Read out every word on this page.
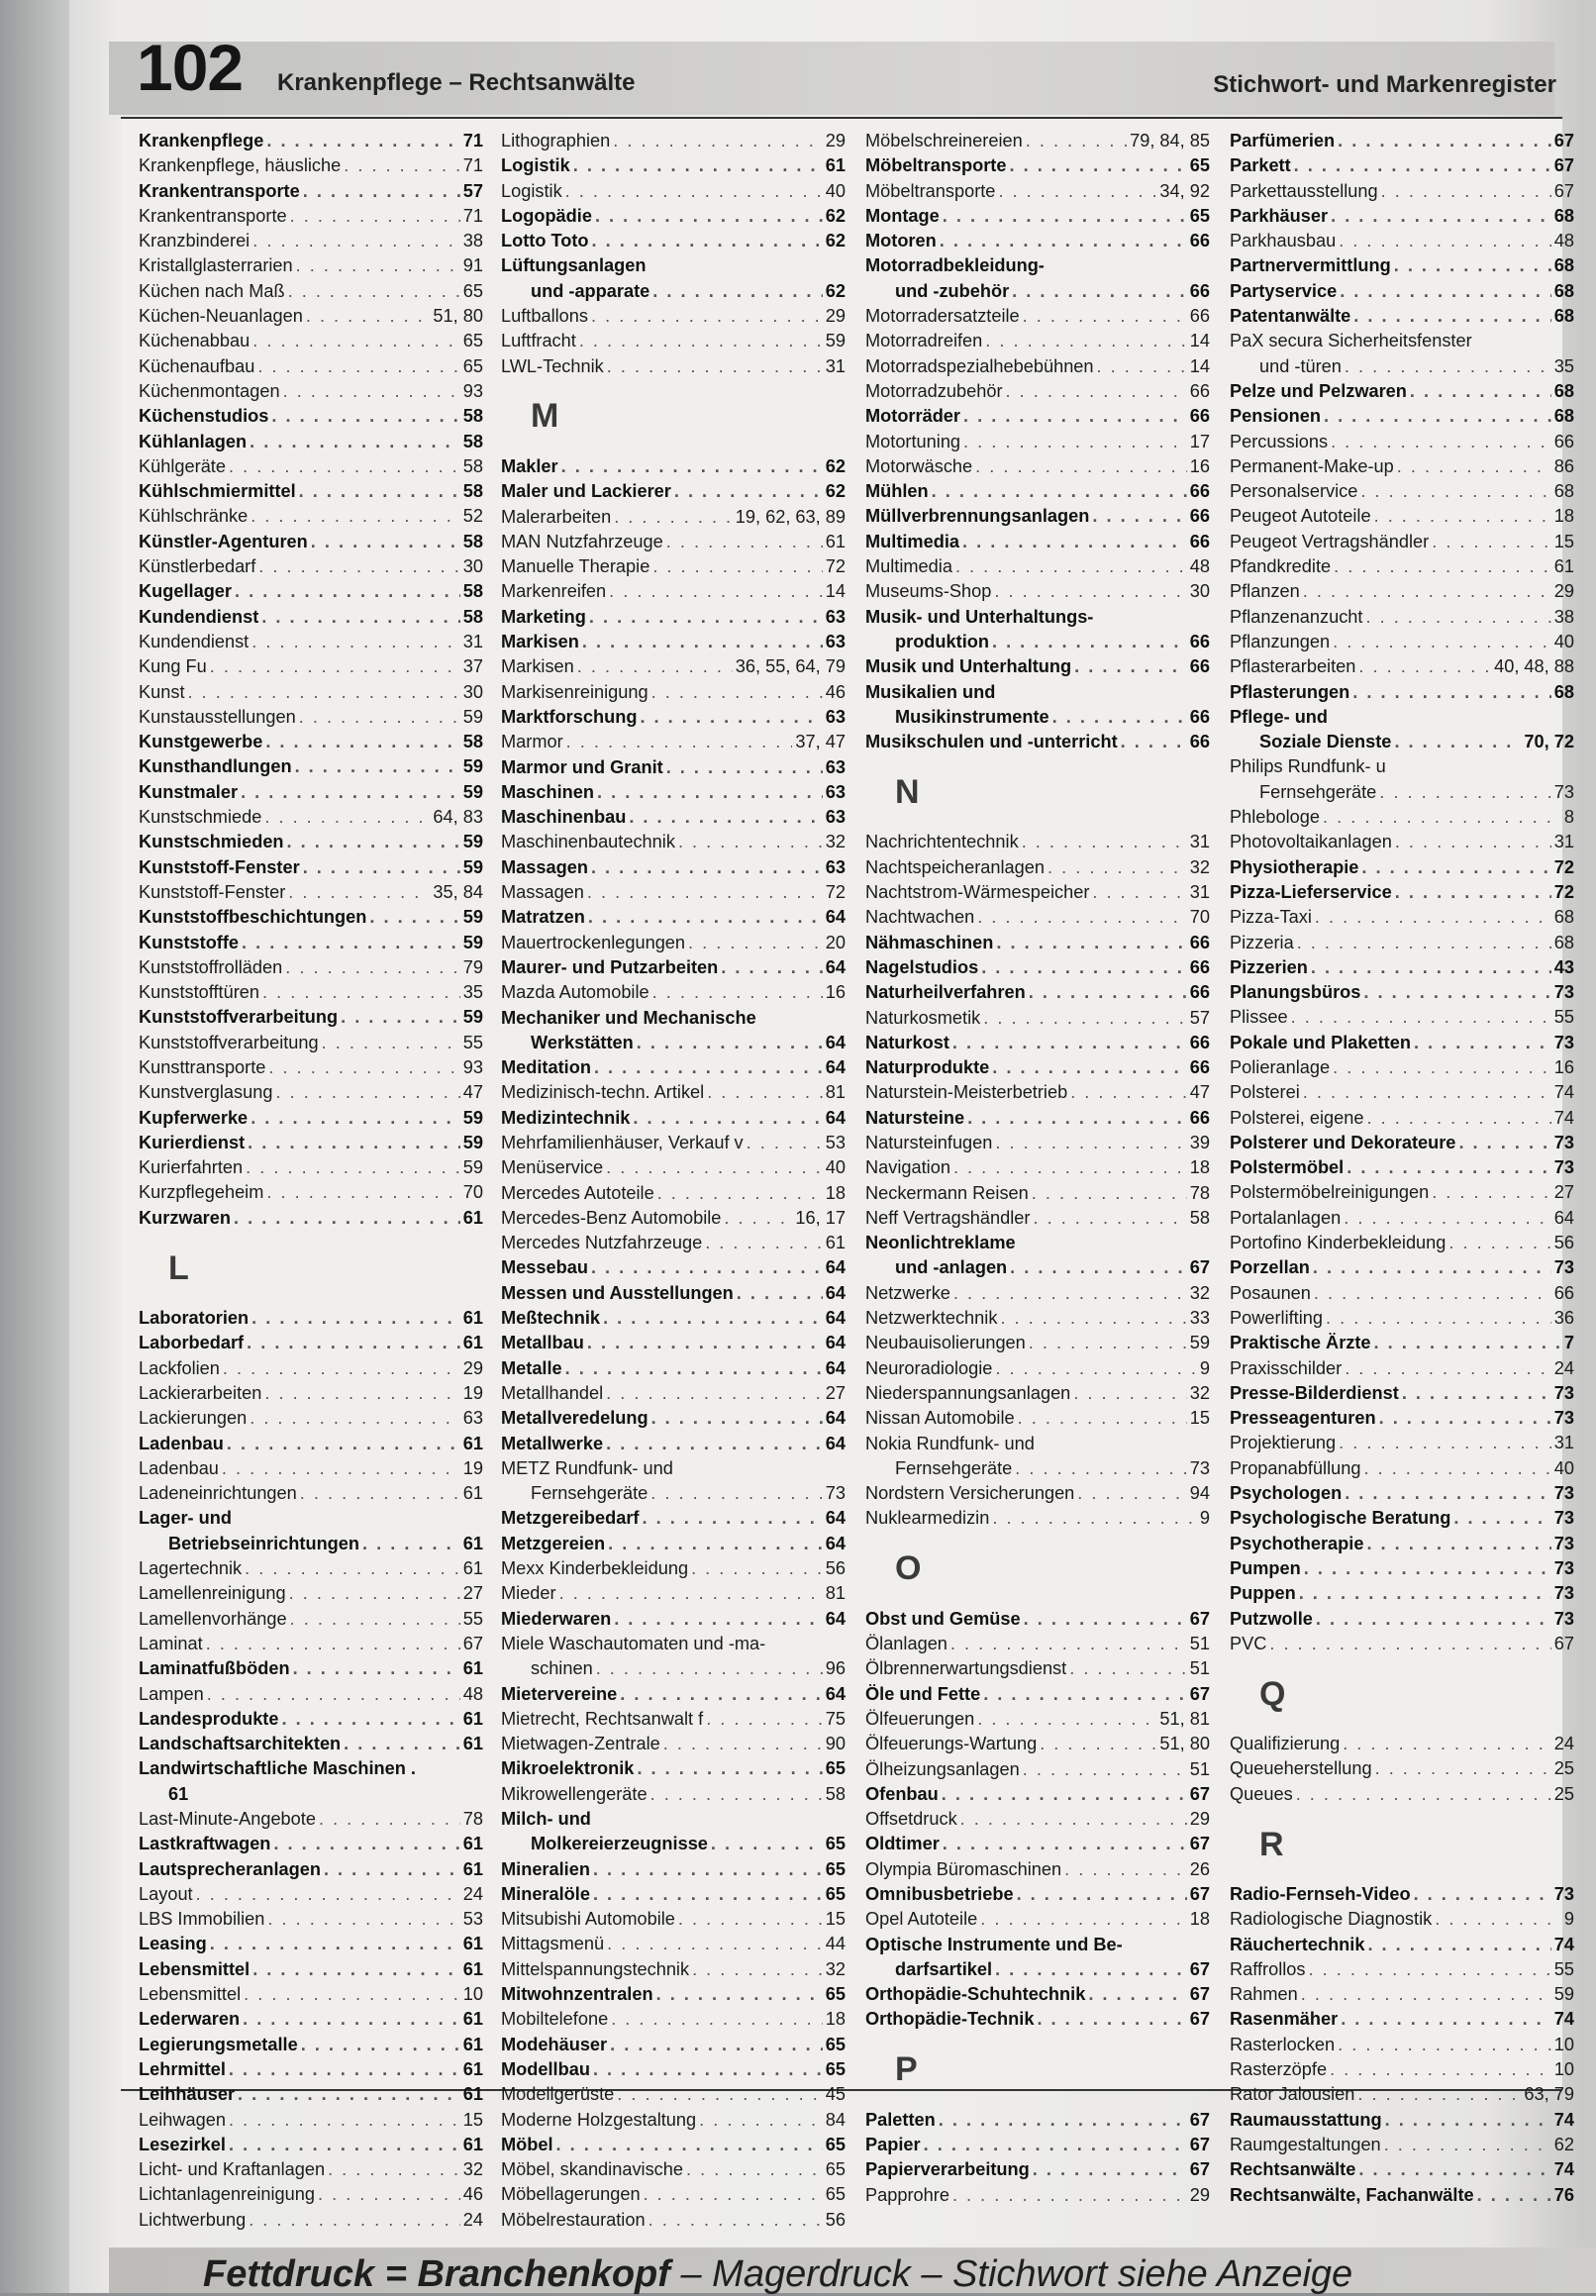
102 Krankenpflege – Rechtsanwälte	Stichwort- und Markenregister
Krankenpflege . . .	71
Krankenpflege, häusliche . . .	71
Krankentransporte . . .	57
Krankentransporte . . .	71
Kranzbinderei . . .	38
Kristallglasterrarien . . .	91
Küchen nach Maß . . .	65
Küchen-Neuanlagen . . .	51, 80
Küchenabbau . . .	65
Küchenaufbau . . .	65
Küchenmontagen . . .	93
Küchenstudios . . .	58
Kühlanlagen . . .	58
Kühlgeräte . . .	58
Kühlschmiermittel . . .	58
Kühlschränke . . .	52
Künstler-Agenturen . . .	58
Künstlerbedarf . . .	30
Kugellager . . .	58
Kundendienst . . .	58
Kundendienst . . .	31
Kung Fu . . .	37
Kunst . . .	30
Kunstausstellungen . . .	59
Kunstgewerbe . . .	58
Kunsthandlungen . . .	59
Kunstmaler . . .	59
Kunstschmiede . . .	64, 83
Kunstschmieden . . .	59
Kunststoff-Fenster . . .	59
Kunststoff-Fenster . . .	35, 84
Kunststoffbeschichtungen . . .	59
Kunststoffe . . .	59
Kunststoffrolläden . . .	79
Kunststofftüren . . .	35
Kunststoffverarbeitung . . .	59
Kunststoffverarbeitung . . .	55
Kunsttransporte . . .	93
Kunstverglasung . . .	47
Kupferwerke . . .	59
Kurierdienst . . .	59
Kurierfahrten . . .	59
Kurzpflegeheim . . .	70
Kurzwaren . . .	61
L
Laboratorien . . .	61
Laborbedarf . . .	61
Lackfolien . . .	29
Lackierarbeiten . . .	19
Lackierungen . . .	63
Ladenbau . . .	61
Ladenbau . . .	19
Ladeneinrichtungen . . .	61
Lager- und
Betriebseinrichtungen . . .	61
Lagertechnik . . .	61
Lamellenreinigung . . .	27
Lamellenvorhänge . . .	55
Laminat . . .	67
Laminatfußböden . . .	61
Lampen . . .	48
Landesprodukte . . .	61
Landschaftsarchitekten . . .	61
Landwirtschaftliche Maschinen .
61
Last-Minute-Angebote . . .	78
Lastkraftwagen . . .	61
Lautsprecheranlagen . . .	61
Layout . . .	24
LBS Immobilien . . .	53
Leasing . . .	61
Lebensmittel . . .	61
Lebensmittel . . .	10
Lederwaren . . .	61
Legierungsmetalle . . .	61
Lehrmittel . . .	61
Leihhäuser . . .	61
Leihwagen . . .	15
Lesezirkel . . .	61
Licht- und Kraftanlagen . . .	32
Lichtanlagenreinigung . . .	46
Lichtwerbung . . .	24
Lithographien . . .	29
Logistik . . .	61
Logistik . . .	40
Logopädie . . .	62
Lotto Toto . . .	62
Lüftungsanlagen
und -apparate . . .	62
Luftballons . . .	29
Luftfracht . . .	59
LWL-Technik . . .	31
M
Makler . . .	62
Maler und Lackierer . . .	62
Malerarbeiten . . .	19, 62, 63, 89
MAN Nutzfahrzeuge . . .	61
Manuelle Therapie . . .	72
Markenreifen . . .	14
Marketing . . .	63
Markisen . . .	63
Markisen . . .	36, 55, 64, 79
Markisenreinigung . . .	46
Marktforschung . . .	63
Marmor . . .	37, 47
Marmor und Granit . . .	63
Maschinen . . .	63
Maschinenbau . . .	63
Maschinenbautechnik . . .	32
Massagen . . .	63
Massagen . . .	72
Matratzen . . .	64
Mauertrockenlegungen . . .	20
Maurer- und Putzarbeiten . . .	64
Mazda Automobile . . .	16
Mechaniker und Mechanische
Werkstätten . . .	64
Meditation . . .	64
Medizinisch-techn. Artikel . . .	81
Medizintechnik . . .	64
Mehrfamilienhäuser, Verkauf v . . .	53
Menüservice . . .	40
Mercedes Autoteile . . .	18
Mercedes-Benz Automobile . . .	16, 17
Mercedes Nutzfahrzeuge . . .	61
Messebau . . .	64
Messen und Ausstellungen . . .	64
Meßtechnik . . .	64
Metallbau . . .	64
Metalle . . .	64
Metallhandel . . .	27
Metallveredelung . . .	64
Metallwerke . . .	64
METZ Rundfunk- und
Fernsehgeräte . . .	73
Metzgereibedarf . . .	64
Metzgereien . . .	64
Mexx Kinderbekleidung . . .	56
Mieder . . .	81
Miederwaren . . .	64
Miele Waschautomaten und -ma-
schinen . . .	96
Mietervereine . . .	64
Mietrecht, Rechtsanwalt f . . .	75
Mietwagen-Zentrale . . .	90
Mikroelektronik . . .	65
Mikrowellengeräte . . .	58
Milch- und
Molkereierzeugnisse . . .	65
Mineralien . . .	65
Mineralöle . . .	65
Mitsubishi Automobile . . .	15
Mittagsmenü . . .	44
Mittelspannungstechnik . . .	32
Mitwohnzentralen . . .	65
Mobiltelefone . . .	18
Modehäuser . . .	65
Modellbau . . .	65
Modellgerüste . . .	45
Moderne Holzgestaltung . . .	84
Möbel . . .	65
Möbel, skandinavische . . .	65
Möbellagerungen . . .	65
Möbelrestauration . . .	56
Möbelschreinereien . . .	79, 84, 85
Möbeltransporte . . .	65
Möbeltransporte . . .	34, 92
Montage . . .	65
Motoren . . .	66
Motorradbekleidung-
und -zubehör . . .	66
Motorradersatzteile . . .	66
Motorradreifen . . .	14
Motorradspezialhebebühnen . . .	14
Motorradzubehör . . .	66
Motorräder . . .	66
Motortuning . . .	17
Motorwäsche . . .	16
Mühlen . . .	66
Müllverbrennungsanlagen . . .	66
Multimedia . . .	66
Multimedia . . .	48
Museums-Shop . . .	30
Musik- und Unterhaltungs-
produktion . . .	66
Musik und Unterhaltung . . .	66
Musikalien und
Musikinstrumente . . .	66
Musikschulen und -unterricht . . .	66
N
Nachrichtentechnik . . .	31
Nachtspeicheranlagen . . .	32
Nachtstrom-Wärmespeicher . . .	31
Nachtwachen . . .	70
Nähmaschinen . . .	66
Nagelstudios . . .	66
Naturheilverfahren . . .	66
Naturkosmetik . . .	57
Naturkost . . .	66
Naturprodukte . . .	66
Naturstein-Meisterbetrieb . . .	47
Natursteine . . .	66
Natursteinfugen . . .	39
Navigation . . .	18
Neckermann Reisen . . .	78
Neff Vertragshändler . . .	58
Neonlichtreklame
und -anlagen . . .	67
Netzwerke . . .	32
Netzwerktechnik . . .	33
Neubauisolierungen . . .	59
Neuroradiologie . . .	9
Niederspannungsanlagen . . .	32
Nissan Automobile . . .	15
Nokia Rundfunk- und
Fernsehgeräte . . .	73
Nordstern Versicherungen . . .	94
Nuklearmedizin . . .	9
O
Obst und Gemüse . . .	67
Ölanlagen . . .	51
Ölbrennerwartungsdienst . . .	51
Öle und Fette . . .	67
Ölfeuerungen . . .	51, 81
Ölfeuerungs-Wartung . . .	51, 80
Ölheizungsanlagen . . .	51
Ofenbau . . .	67
Offsetdruck . . .	29
Oldtimer . . .	67
Olympia Büromaschinen . . .	26
Omnibusbetriebe . . .	67
Opel Autoteile . . .	18
Optische Instrumente und Be-
darfsartikel . . .	67
Orthopädie-Schuhtechnik . . .	67
Orthopädie-Technik . . .	67
P
Paletten . . .	67
Papier . . .	67
Papierverarbeitung . . .	67
Papprohre . . .	29
Parfümerien . . .	67
Parkett . . .	67
Parkettausstellung . . .	67
Parkhäuser . . .	68
Parkhausbau . . .	48
Partnervermittlung . . .	68
Partyservice . . .	68
Patentanwälte . . .	68
PaX secura Sicherheitsfenster
und -türen . . .	35
Pelze und Pelzwaren . . .	68
Pensionen . . .	68
Percussions . . .	66
Permanent-Make-up . . .	86
Personalservice . . .	68
Peugeot Autoteile . . .	18
Peugeot Vertragshändler . . .	15
Pfandkredite . . .	61
Pflanzen . . .	29
Pflanzenanzucht . . .	38
Pflanzungen . . .	40
Pflasterarbeiten . . .	40, 48, 88
Pflasterungen . . .	68
Pflege- und
Soziale Dienste . . .	70, 72
Philips Rundfunk- u
Fernsehgeräte . . .	73
Phlebologe . . .	8
Photovoltaikanlagen . . .	31
Physiotherapie . . .	72
Pizza-Lieferservice . . .	72
Pizza-Taxi . . .	68
Pizzeria . . .	68
Pizzerien . . .	43
Planungsbüros . . .	73
Plissee . . .	55
Pokale und Plaketten . . .	73
Polieranlage . . .	16
Polsterei . . .	74
Polsterei, eigene . . .	74
Polsterer und Dekorateure . . .	73
Polstermöbel . . .	73
Polstermöbelreinigungen . . .	27
Portalanlagen . . .	64
Portofino Kinderbekleidung . . .	56
Porzellan . . .	73
Posaunen . . .	66
Powerlifting . . .	36
Praktische Ärzte . . .	7
Praxisschilder . . .	24
Presse-Bilderdienst . . .	73
Presseagenturen . . .	73
Projektierung . . .	31
Propanabfüllung . . .	40
Psychologen . . .	73
Psychologische Beratung . . .	73
Psychotherapie . . .	73
Pumpen . . .	73
Puppen . . .	73
Putzwolle . . .	73
PVC . . .	67
Q
Qualifizierung . . .	24
Queueherstellung . . .	25
Queues . . .	25
R
Radio-Fernseh-Video . . .	73
Radiologische Diagnostik . . .	9
Räuchertechnik . . .	74
Raffrollos . . .	55
Rahmen . . .	59
Rasenmäher . . .	74
Rasterlocken . . .	10
Rasterzöpfe . . .	10
Rator Jalousien . . .	63, 79
Raumausstattung . . .	74
Raumgestaltungen . . .	62
Rechtsanwälte . . .	74
Rechtsanwälte, Fachanwälte . . .	76
Fettdruck = Branchenkopf – Magerdruck – Stichwort siehe Anzeige
